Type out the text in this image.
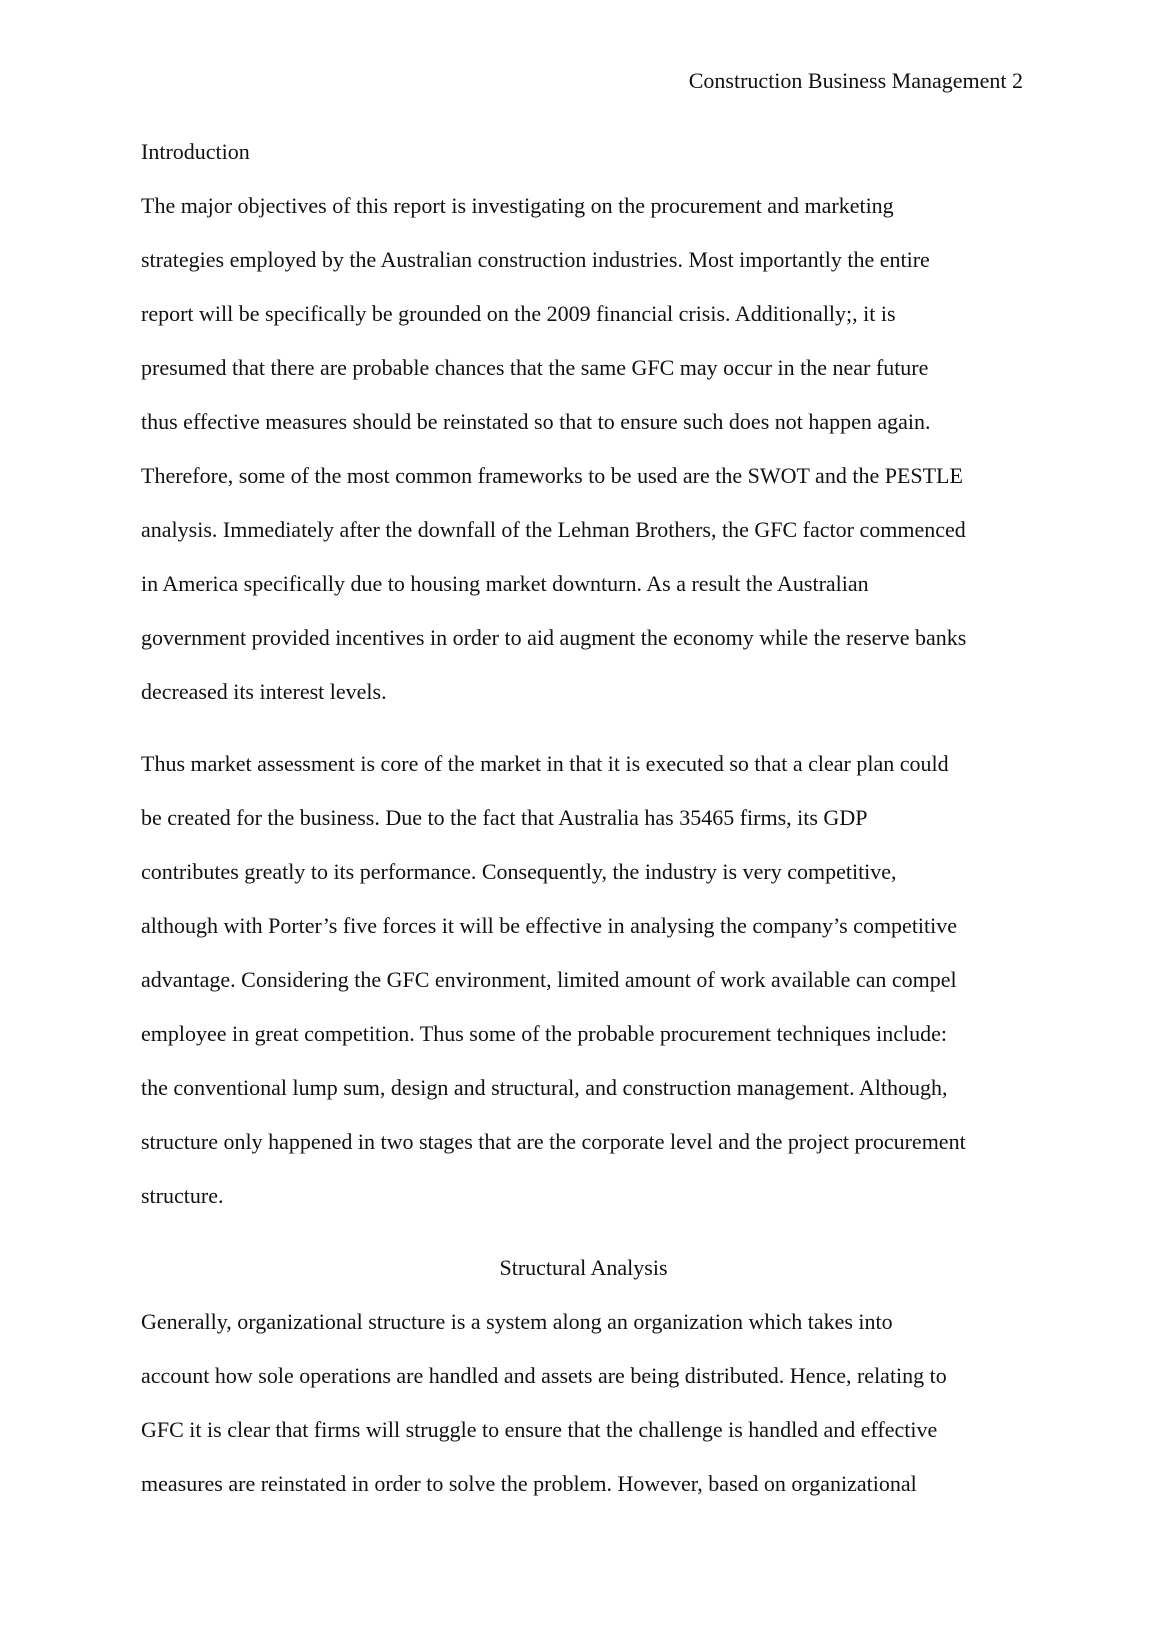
Construction Business Management 2
Introduction
The major objectives of this report is investigating on the procurement and marketing
strategies employed by the Australian construction industries. Most importantly the entire
report will be specifically be grounded on the 2009 financial crisis. Additionally;, it is
presumed that there are probable chances that the same GFC may occur in the near future
thus effective measures should be reinstated so that to ensure such does not happen again.
Therefore, some of the most common frameworks to be used are the SWOT and the PESTLE
analysis. Immediately after the downfall of the Lehman Brothers, the GFC factor commenced
in America specifically due to housing market downturn. As a result the Australian
government provided incentives in order to aid augment the economy while the reserve banks
decreased its interest levels.
Thus market assessment is core of the market in that it is executed so that a clear plan could
be created for the business. Due to the fact that Australia has 35465 firms, its GDP
contributes greatly to its performance. Consequently, the industry is very competitive,
although with Porter’s five forces it will be effective in analysing the company’s competitive
advantage. Considering the GFC environment, limited amount of work available can compel
employee in great competition. Thus some of the probable procurement techniques include:
the conventional lump sum, design and structural, and construction management. Although,
structure only happened in two stages that are the corporate level and the project procurement
structure.
Structural Analysis
Generally, organizational structure is a system along an organization which takes into
account how sole operations are handled and assets are being distributed. Hence, relating to
GFC it is clear that firms will struggle to ensure that the challenge is handled and effective
measures are reinstated in order to solve the problem. However, based on organizational
